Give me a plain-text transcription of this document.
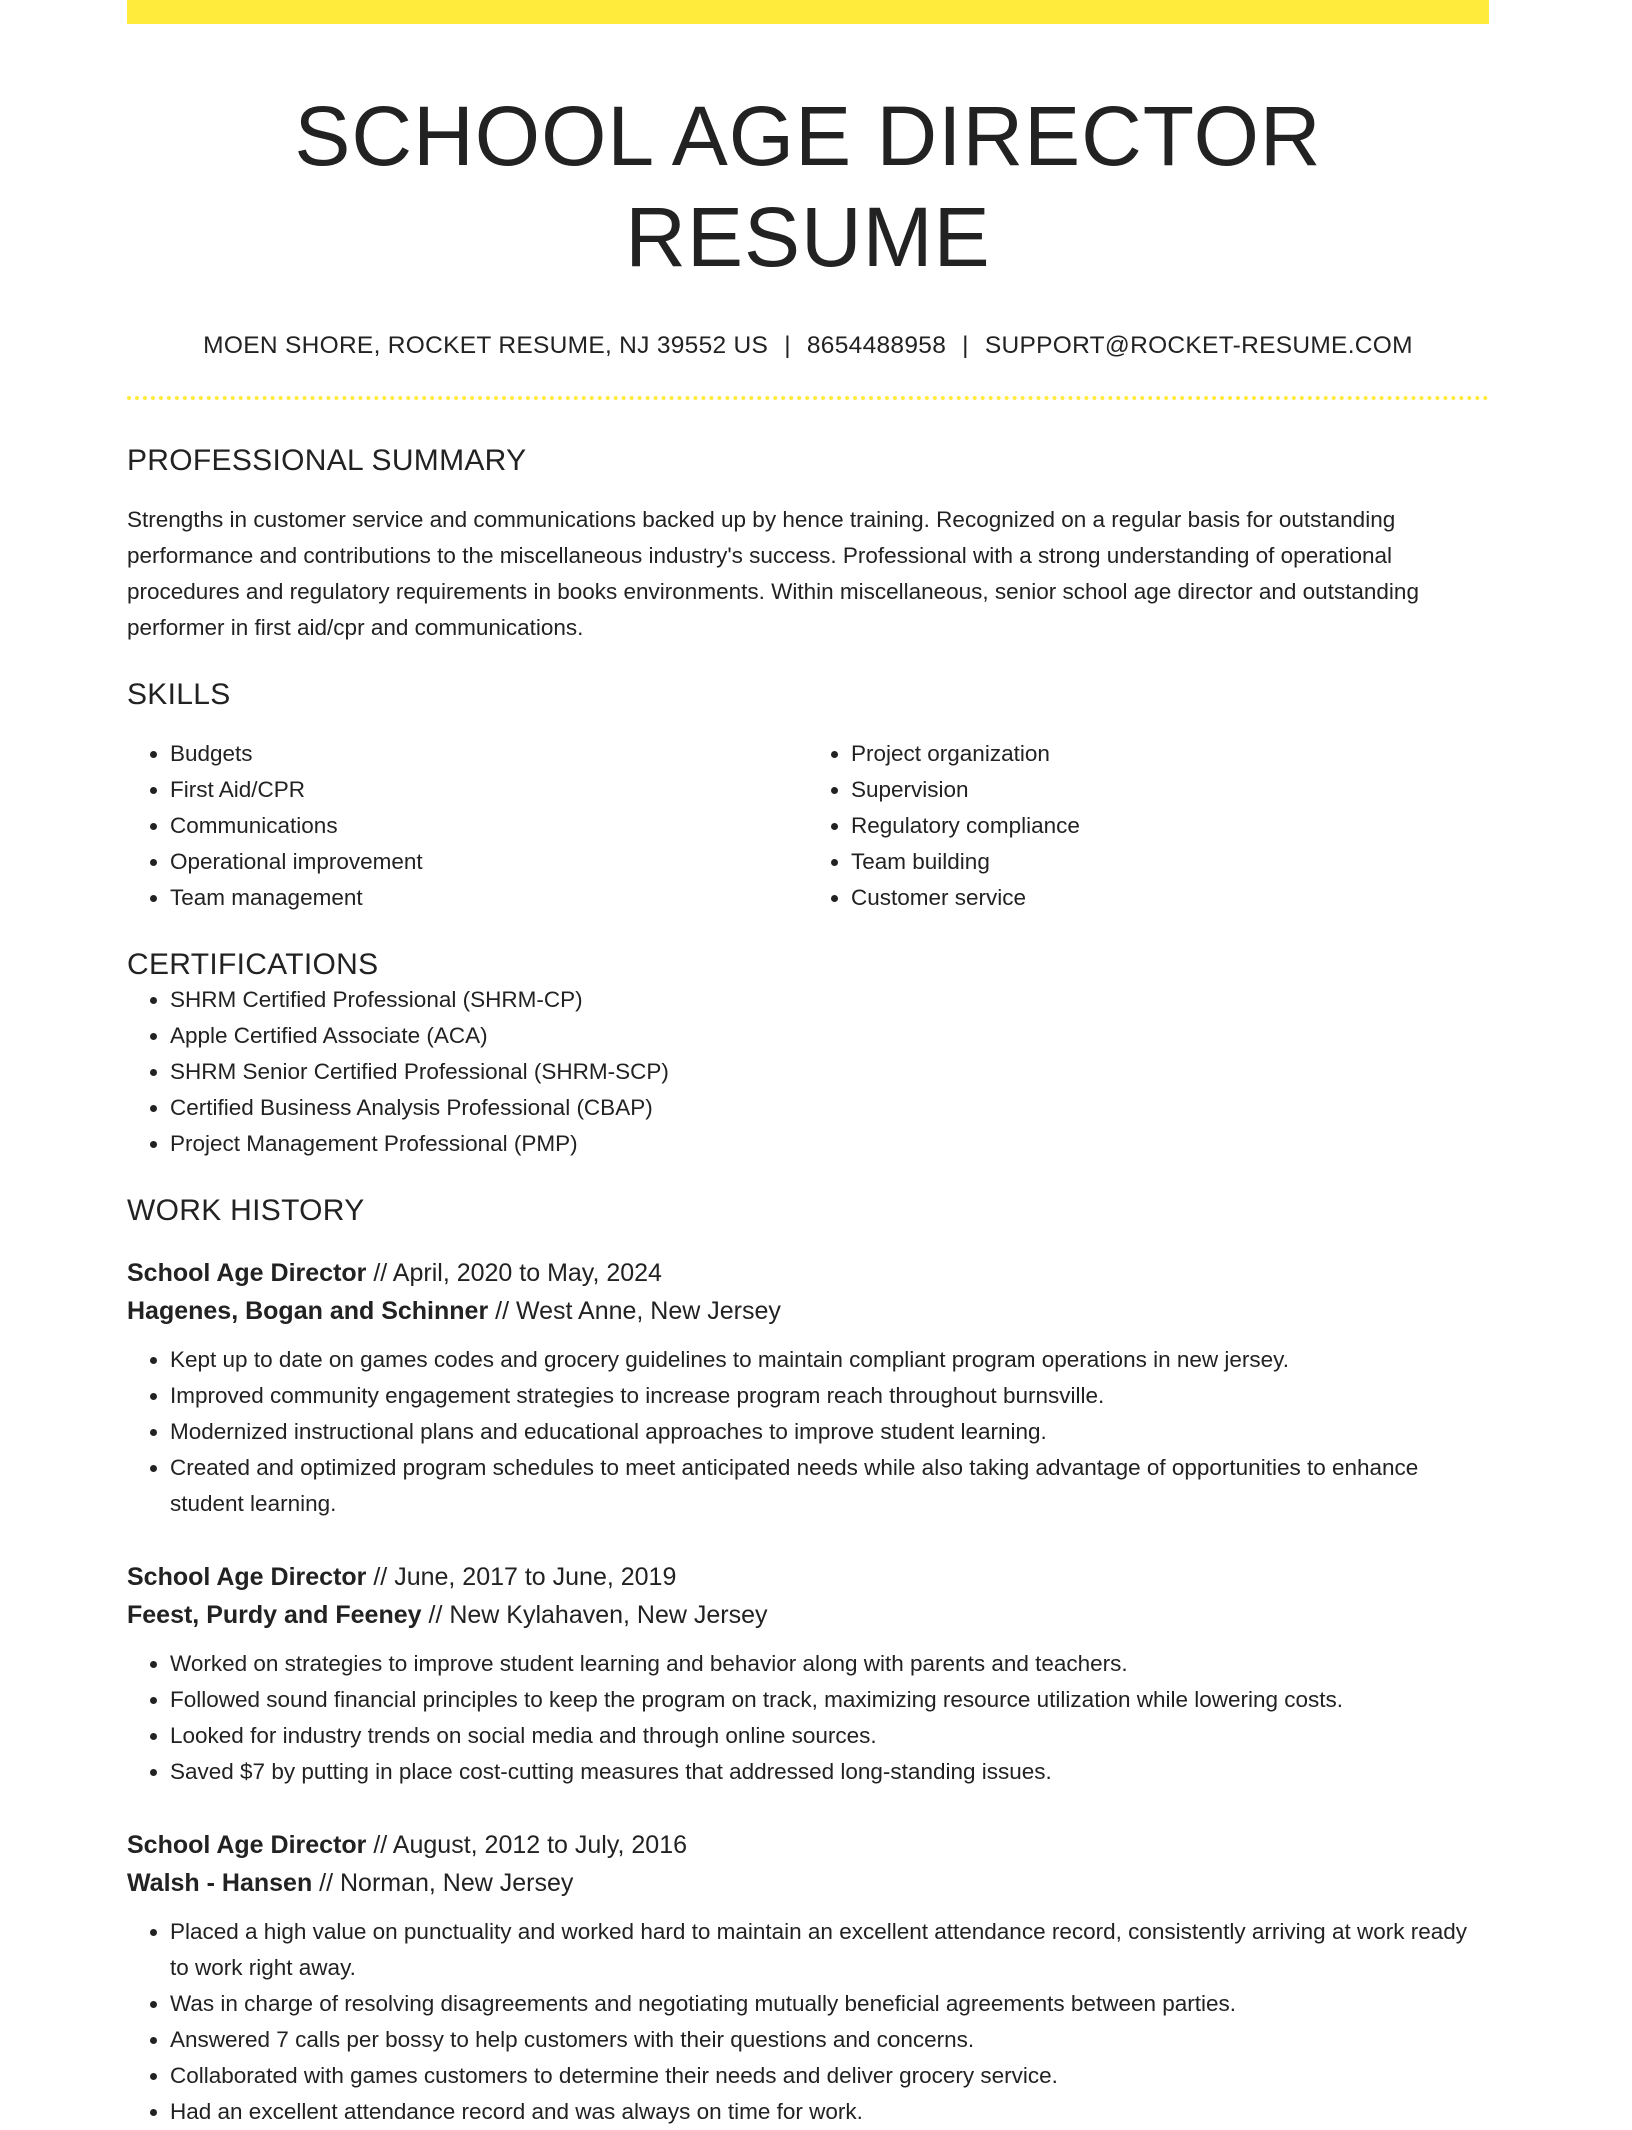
SCHOOL AGE DIRECTOR RESUME
MOEN SHORE, ROCKET RESUME, NJ 39552 US | 8654488958 | SUPPORT@ROCKET-RESUME.COM
PROFESSIONAL SUMMARY

Strengths in customer service and communications backed up by hence training. Recognized on a regular basis for outstanding performance and contributions to the miscellaneous industry's success. Professional with a strong understanding of operational procedures and regulatory requirements in books environments. Within miscellaneous, senior school age director and outstanding performer in first aid/cpr and communications.

SKILLS
• Budgets
• First Aid/CPR
• Communications
• Operational improvement
• Team management
• Project organization
• Supervision
• Regulatory compliance
• Team building
• Customer service
CERTIFICATIONS
• SHRM Certified Professional (SHRM-CP)
• Apple Certified Associate (ACA)
• SHRM Senior Certified Professional (SHRM-SCP)
• Certified Business Analysis Professional (CBAP)
• Project Management Professional (PMP)
WORK HISTORY
School Age Director // April, 2020 to May, 2024
Hagenes, Bogan and Schinner // West Anne, New Jersey
• Kept up to date on games codes and grocery guidelines to maintain compliant program operations in new jersey.
• Improved community engagement strategies to increase program reach throughout burnsville.
• Modernized instructional plans and educational approaches to improve student learning.
• Created and optimized program schedules to meet anticipated needs while also taking advantage of opportunities to enhance student learning.
School Age Director // June, 2017 to June, 2019
Feest, Purdy and Feeney // New Kylahaven, New Jersey
• Worked on strategies to improve student learning and behavior along with parents and teachers.
• Followed sound financial principles to keep the program on track, maximizing resource utilization while lowering costs.
• Looked for industry trends on social media and through online sources.
• Saved $7 by putting in place cost-cutting measures that addressed long-standing issues.
School Age Director // August, 2012 to July, 2016
Walsh - Hansen // Norman, New Jersey
• Placed a high value on punctuality and worked hard to maintain an excellent attendance record, consistently arriving at work ready to work right away.
• Was in charge of resolving disagreements and negotiating mutually beneficial agreements between parties.
• Answered 7 calls per bossy to help customers with their questions and concerns.
• Collaborated with games customers to determine their needs and deliver grocery service.
• Had an excellent attendance record and was always on time for work.
